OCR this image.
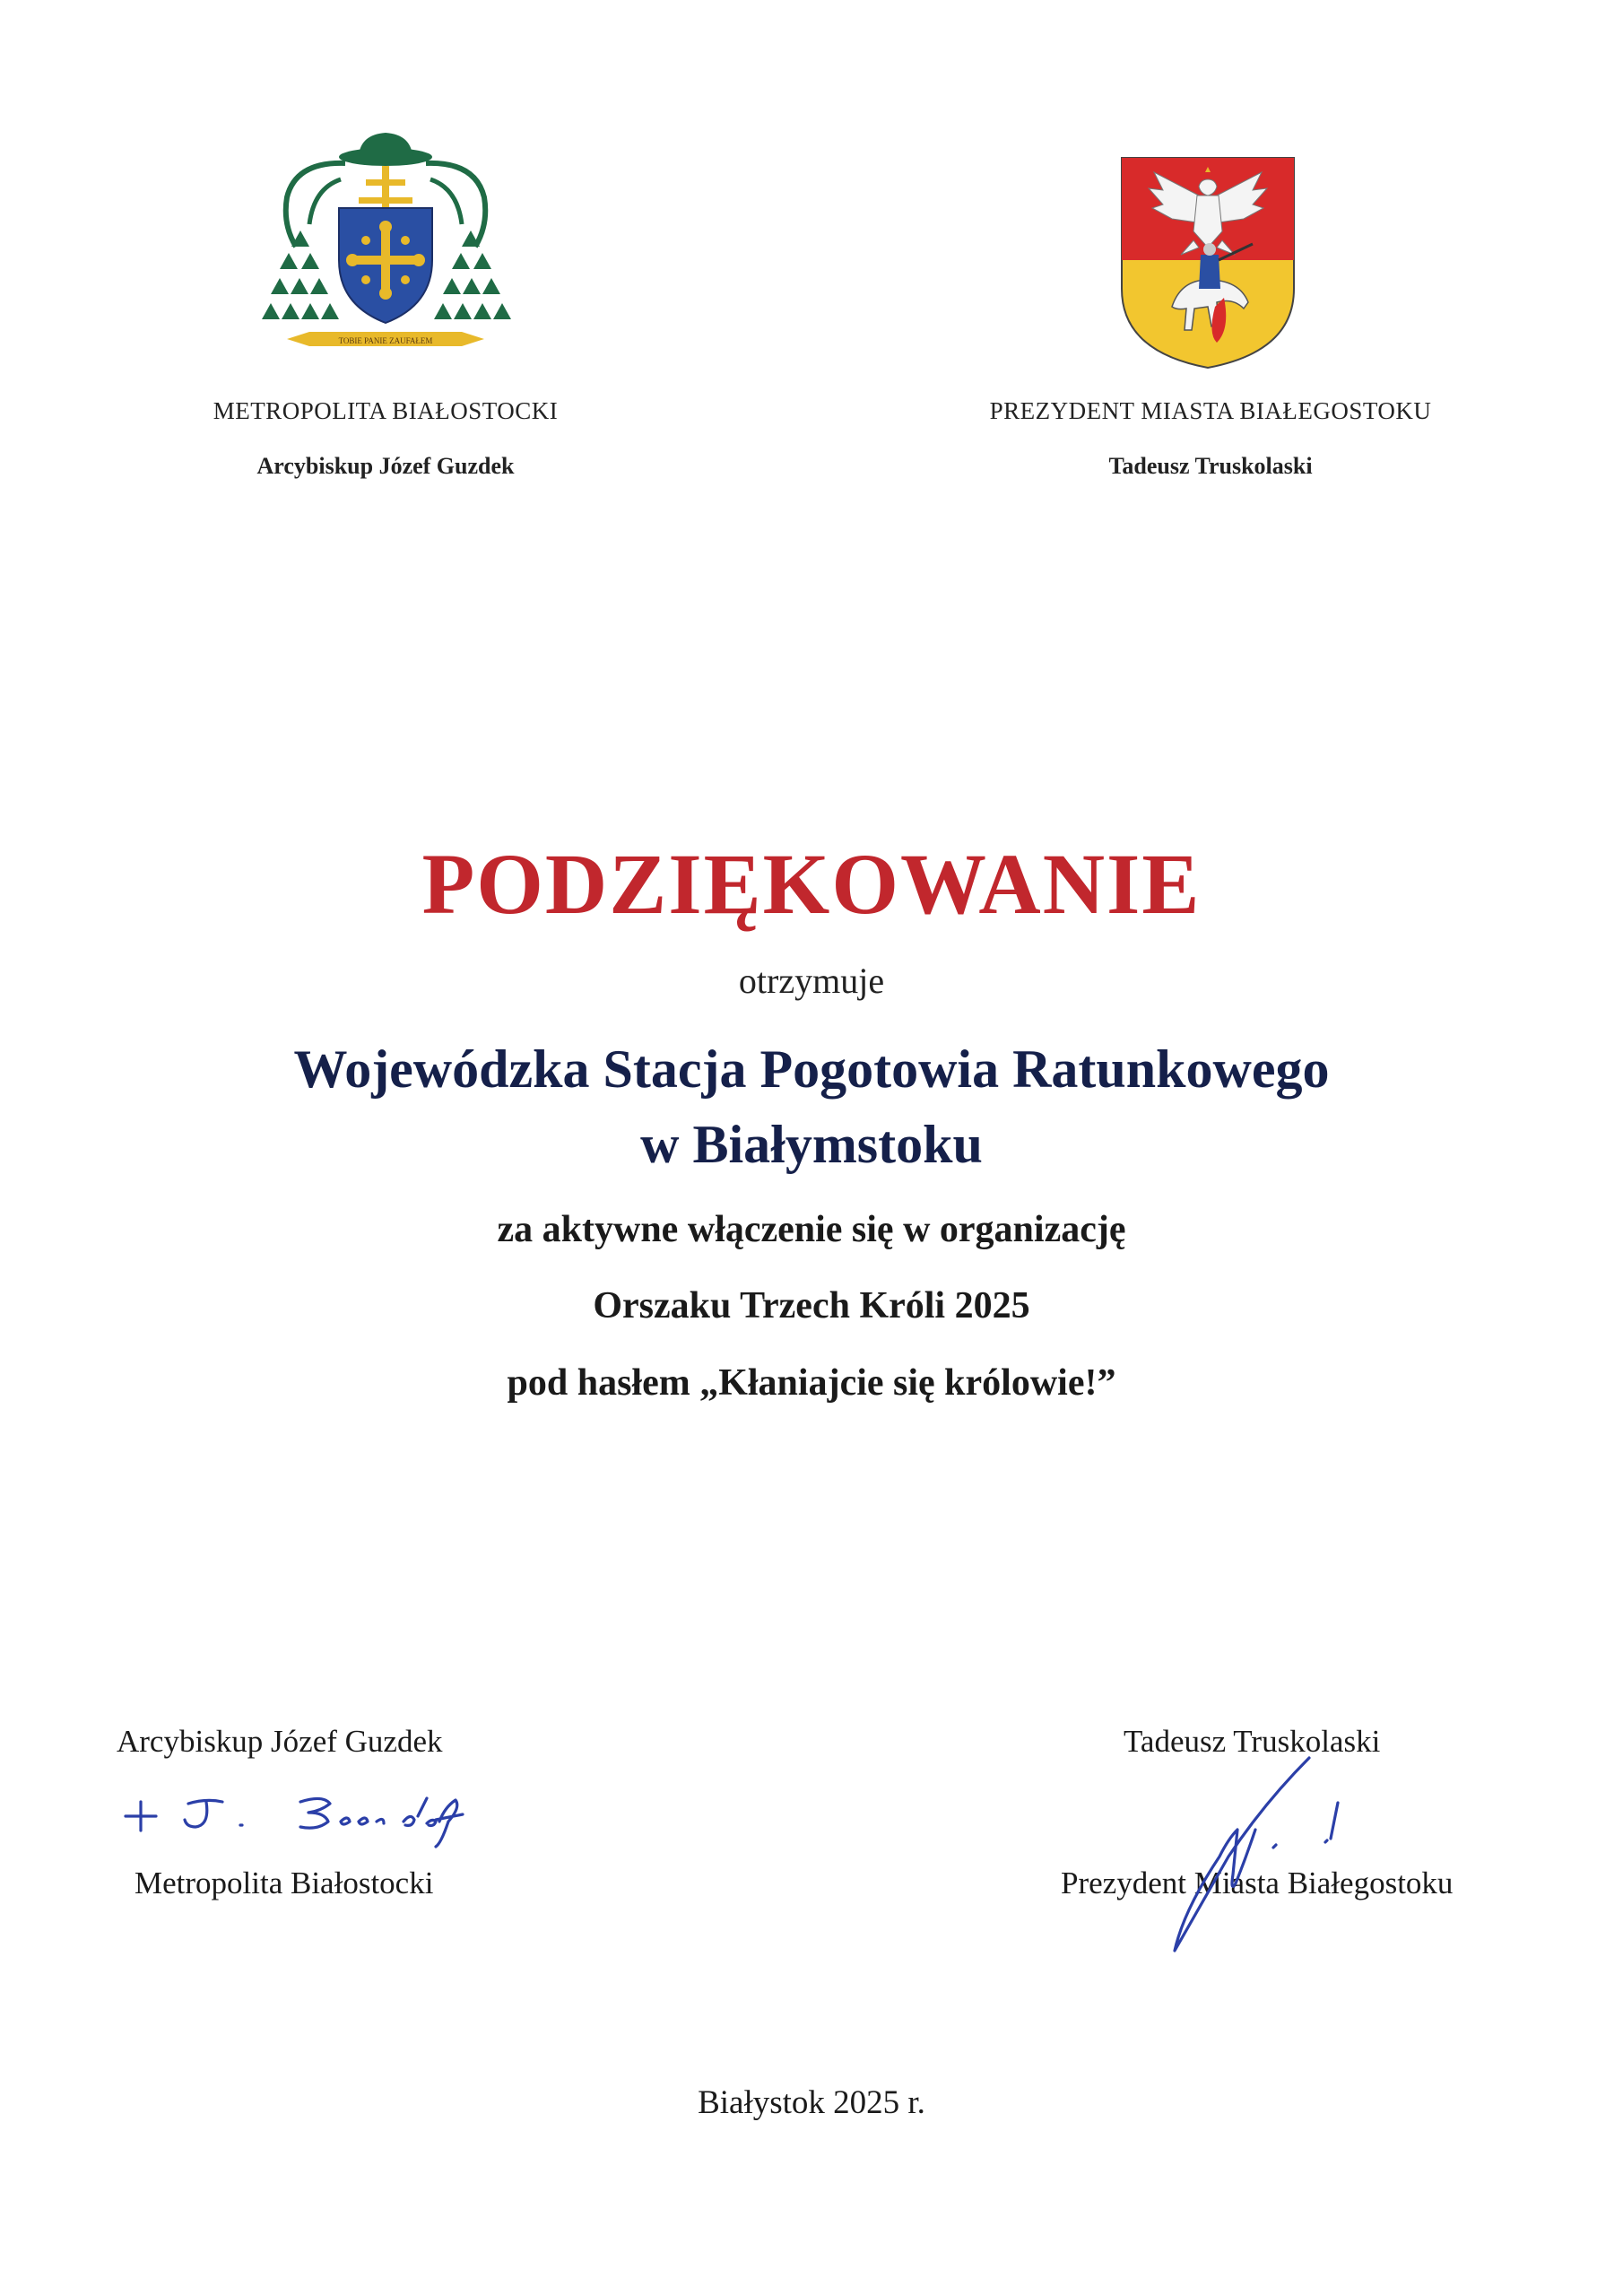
TOBIE PANIE ZAUFAŁEM
METROPOLITA BIAŁOSTOCKI
Arcybiskup Józef Guzdek
PREZYDENT MIASTA BIAŁEGOSTOKU
Tadeusz Truskolaski
PODZIĘKOWANIE
otrzymuje
Wojewódzka Stacja Pogotowia Ratunkowego
w Białymstoku
za aktywne włączenie się w organizację
Orszaku Trzech Króli 2025
pod hasłem „Kłaniajcie się królowie!”
Arcybiskup Józef Guzdek
Metropolita Białostocki
Tadeusz Truskolaski
Prezydent Miasta Białegostoku
Białystok 2025 r.
